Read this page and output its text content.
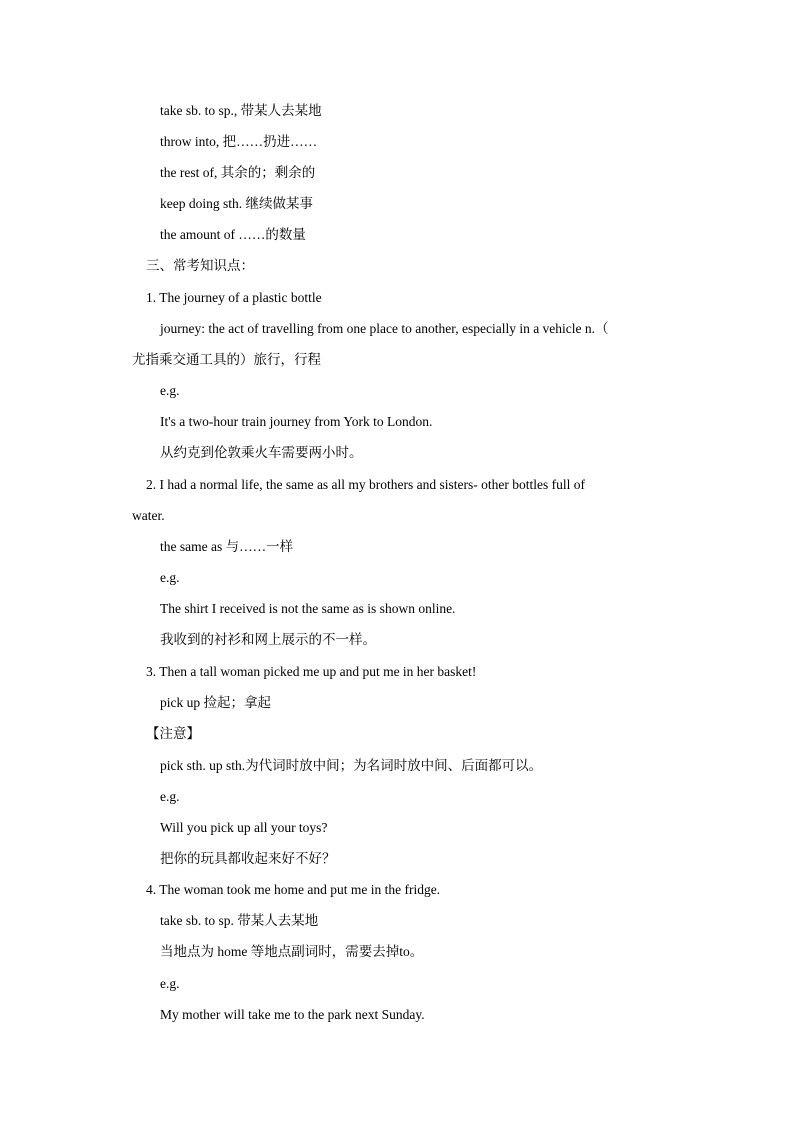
take sb. to sp., 带某人去某地
throw into, 把……扔进……
the rest of, 其余的；剩余的
keep doing sth. 继续做某事
the amount of ……的数量
三、常考知识点：
1. The journey of a plastic bottle
journey: the act of travelling from one place to another, especially in a vehicle n.（
尤指乘交通工具的）旅行，行程
e.g.
It's a two-hour train journey from York to London.
从约克到伦敦乘火车需要两小时。
2. I had a normal life, the same as all my brothers and sisters- other bottles full of
water.
the same as 与……一样
e.g.
The shirt I received is not the same as is shown online.
我收到的衬衫和网上展示的不一样。
3. Then a tall woman picked me up and put me in her basket!
pick up 捡起；拿起
【注意】
pick sth. up sth.为代词时放中间；为名词时放中间、后面都可以。
e.g.
Will you pick up all your toys?
把你的玩具都收起来好不好？
4. The woman took me home and put me in the fridge.
take sb. to sp. 带某人去某地
当地点为 home 等地点副词时，需要去掉to。
e.g.
My mother will take me to the park next Sunday.
